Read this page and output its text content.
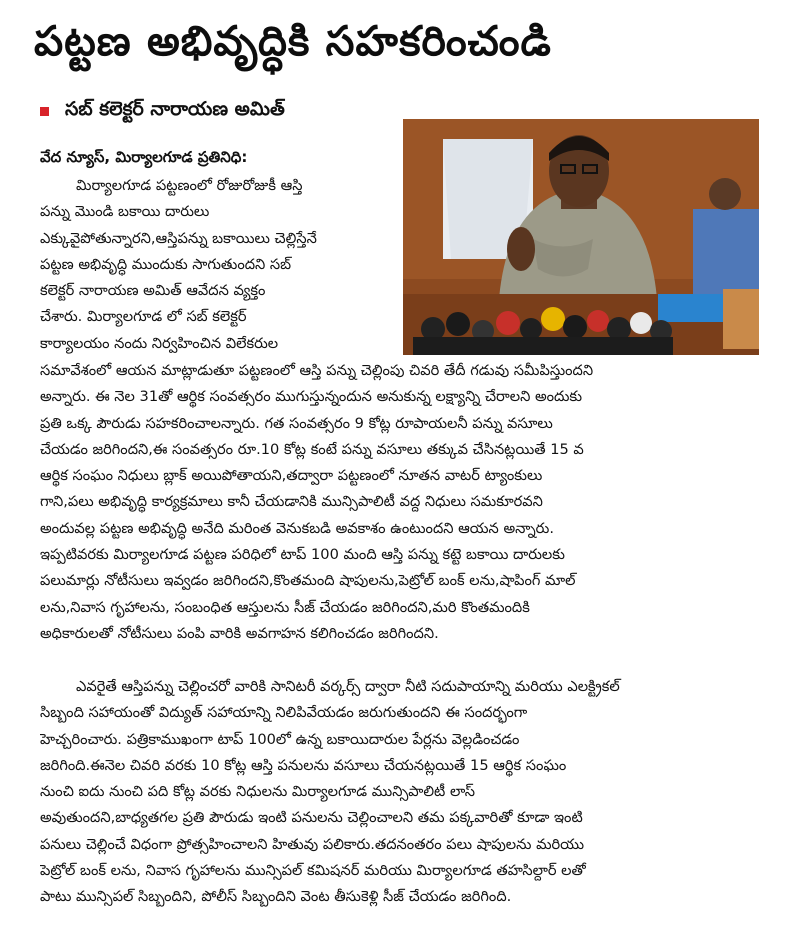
పట్టణ అభివృద్ధికి సహకరించండి
సబ్ కలెక్టర్ నారాయణ అమిత్
వేద న్యూస్, మిర్యాలగూడ ప్రతినిధి:
మిర్యాలగూడ పట్టణంలో రోజురోజుకీ ఆస్తి
పన్ను మొండి బకాయి దారులు
ఎక్కువైపోతున్నారని,ఆస్తిపన్ను బకాయిలు చెల్లిస్తేనే
పట్టణ అభివృద్ధి ముందుకు సాగుతుందని సబ్
కలెక్టర్ నారాయణ అమిత్ ఆవేదన వ్యక్తం
చేశారు. మిర్యాలగూడ లో సబ్ కలెక్టర్
కార్యాలయం నందు నిర్వహించిన విలేకరుల
సమావేశంలో ఆయన మాట్లాడుతూ పట్టణంలో ఆస్తి పన్ను చెల్లింపు చివరి తేదీ గడువు సమీపిస్తుందని
అన్నారు. ఈ నెల 31తో ఆర్థిక సంవత్సరం ముగుస్తున్నందున అనుకున్న లక్ష్యాన్ని చేరాలని అందుకు
ప్రతి ఒక్క పౌరుడు సహకరించాలన్నారు. గత సంవత్సరం 9 కోట్ల రూపాయలనీ పన్ను వసూలు
చేయడం జరిగిందని,ఈ సంవత్సరం రూ.10 కోట్ల కంటే పన్ను వసూలు తక్కువ చేసినట్లయితే 15 వ
ఆర్థిక సంఘం నిధులు బ్లాక్ అయిపోతాయని,తద్వారా పట్టణంలో నూతన వాటర్ ట్యాంకులు
గాని,పలు అభివృద్ధి కార్యక్రమాలు కానీ చేయడానికి మున్సిపాలిటీ వద్ద నిధులు సమకూరవని
అందువల్ల పట్టణ అభివృద్ధి అనేది మరింత వెనుకబడి అవకాశం ఉంటుందని ఆయన అన్నారు.
ఇప్పటివరకు మిర్యాలగూడ పట్టణ పరిధిలో టాప్ 100 మంది ఆస్తి పన్ను కట్టె బకాయి దారులకు
పలుమార్లు నోటీసులు ఇవ్వడం జరిగిందని,కొంతమంది షాపులను,పెట్రోల్ బంక్ లను,షాపింగ్ మాల్
లను,నివాస గృహాలను, సంబంధిత ఆస్తులను సీజ్ చేయడం జరిగిందని,మరి కొంతమందికి
అధికారులతో నోటీసులు పంపి వారికి అవగాహన కలిగించడం జరిగిందని.
ఎవరైతే ఆస్తిపన్ను చెల్లించరో వారికి సానిటరీ వర్కర్స్ ద్వారా నీటి సదుపాయాన్ని మరియు ఎలక్ట్రికల్
సిబ్బంది సహాయంతో విద్యుత్ సహాయాన్ని నిలిపివేయడం జరుగుతుందని ఈ సందర్భంగా
హెచ్చరించారు. పత్రికాముఖంగా టాప్ 100లో ఉన్న బకాయిదారుల పేర్లను వెల్లడించడం
జరిగింది.ఈనెల చివరి వరకు 10 కోట్ల ఆస్తి పనులను వసూలు చేయనట్లయితే 15 ఆర్థిక సంఘం
నుంచి ఐదు నుంచి పది కోట్ల వరకు నిధులను మిర్యాలగూడ మున్సిపాలిటీ లాస్
అవుతుందని,బాధ్యతగల ప్రతి పౌరుడు ఇంటి పనులను చెల్లించాలని తమ పక్కవారితో కూడా ఇంటి
పనులు చెల్లించే విధంగా ప్రోత్సహించాలని హితువు పలికారు.తదనంతరం పలు షాపులను మరియు
పెట్రోల్ బంక్ లను, నివాస గృహాలను మున్సిపల్ కమిషనర్ మరియు మిర్యాలగూడ తహసిల్దార్ లతో
పాటు మున్సిపల్ సిబ్బందిని, పోలీస్ సిబ్బందిని వెంట తీసుకెళ్లి సీజ్ చేయడం జరిగింది.
